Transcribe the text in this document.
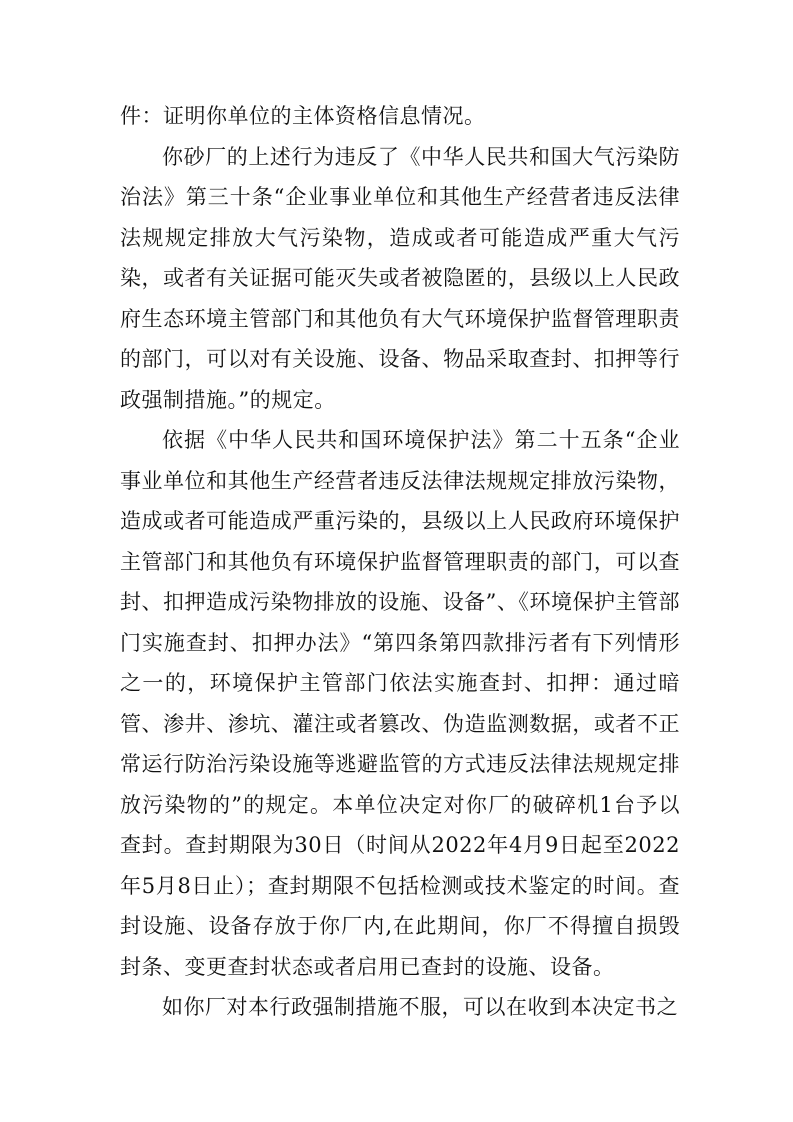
件：证明你单位的主体资格信息情况。

你砂厂的上述行为违反了《中华人民共和国大气污染防治法》第三十条“企业事业单位和其他生产经营者违反法律法规规定排放大气污染物，造成或者可能造成严重大气污染，或者有关证据可能灭失或者被隐匿的，县级以上人民政府生态环境主管部门和其他负有大气环境保护监督管理职责的部门，可以对有关设施、设备、物品采取查封、扣押等行政强制措施。”的规定。

依据《中华人民共和国环境保护法》第二十五条“企业事业单位和其他生产经营者违反法律法规规定排放污染物，造成或者可能造成严重污染的，县级以上人民政府环境保护主管部门和其他负有环境保护监督管理职责的部门，可以查封、扣押造成污染物排放的设施、设备”、《环境保护主管部门实施查封、扣押办法》“第四条第四款排污者有下列情形之一的，环境保护主管部门依法实施查封、扣押：通过暗管、渗井、渗坑、灌注或者篡改、伪造监测数据，或者不正常运行防治污染设施等逃避监管的方式违反法律法规规定排放污染物的”的规定。本单位决定对你厂的破碎机1台予以查封。查封期限为30日（时间从2022年4月9日起至2022年5月8日止）；查封期限不包括检测或技术鉴定的时间。查封设施、设备存放于你厂内,在此期间，你厂不得擅自损毁封条、变更查封状态或者启用已查封的设施、设备。

如你厂对本行政强制措施不服，可以在收到本决定书之
